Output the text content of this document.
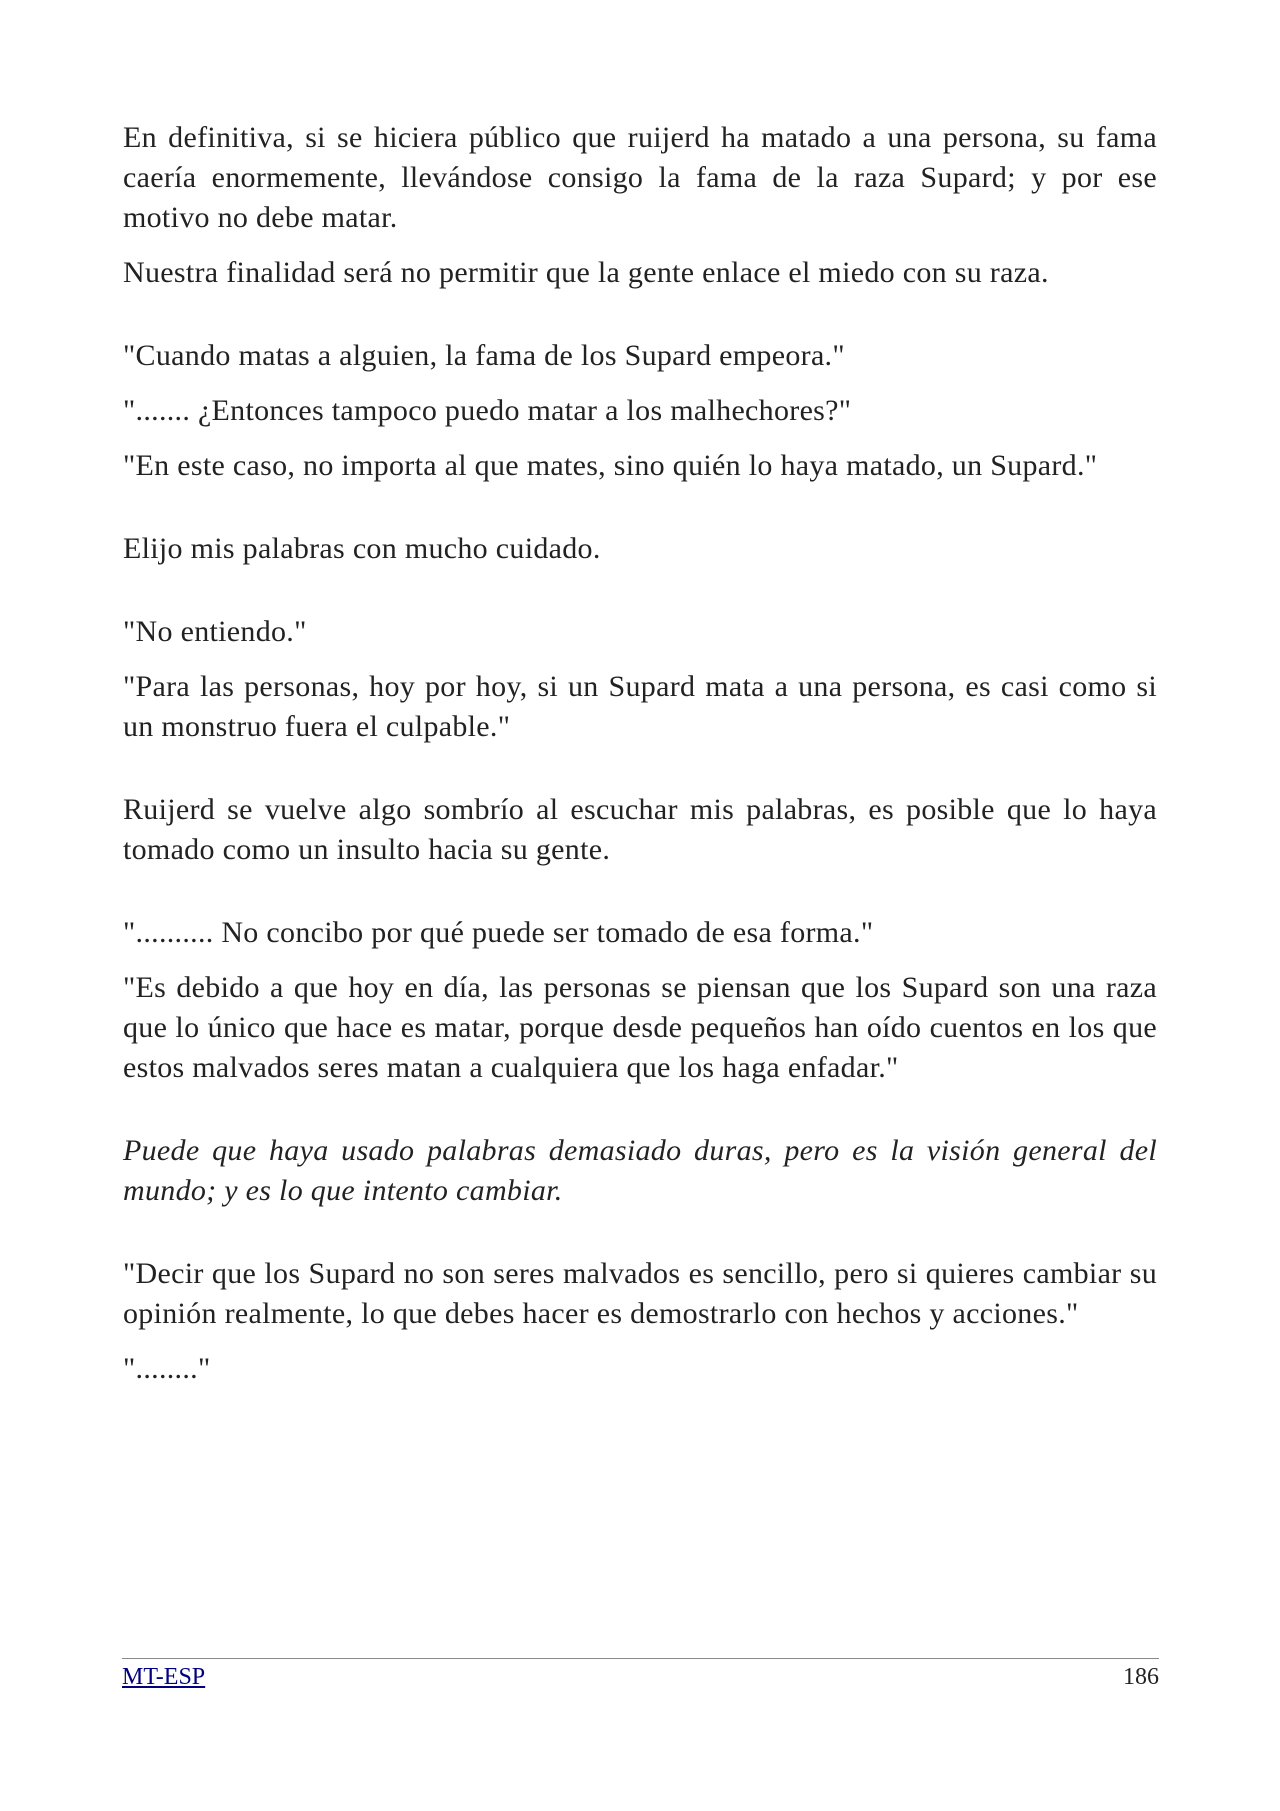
En definitiva, si se hiciera público que ruijerd ha matado a una persona, su fama caería enormemente, llevándose consigo la fama de la raza Supard; y por ese motivo no debe matar.

Nuestra finalidad será no permitir que la gente enlace el miedo con su raza.

"Cuando matas a alguien, la fama de los Supard empeora."

"....... ¿Entonces tampoco puedo matar a los malhechores?"

"En este caso, no importa al que mates, sino quién lo haya matado, un Supard."

Elijo mis palabras con mucho cuidado.

"No entiendo."

"Para las personas, hoy por hoy, si un Supard mata a una persona, es casi como si un monstruo fuera el culpable."

Ruijerd se vuelve algo sombrío al escuchar mis palabras, es posible que lo haya tomado como un insulto hacia su gente.

".......... No concibo por qué puede ser tomado de esa forma."

"Es debido a que hoy en día, las personas se piensan que los Supard son una raza que lo único que hace es matar, porque desde pequeños han oído cuentos en los que estos malvados seres matan a cualquiera que los haga enfadar."

Puede que haya usado palabras demasiado duras, pero es la visión general del mundo; y es lo que intento cambiar.

"Decir que los Supard no son seres malvados es sencillo, pero si quieres cambiar su opinión realmente, lo que debes hacer es demostrarlo con hechos y acciones."

"........"

MT-ESP	186
